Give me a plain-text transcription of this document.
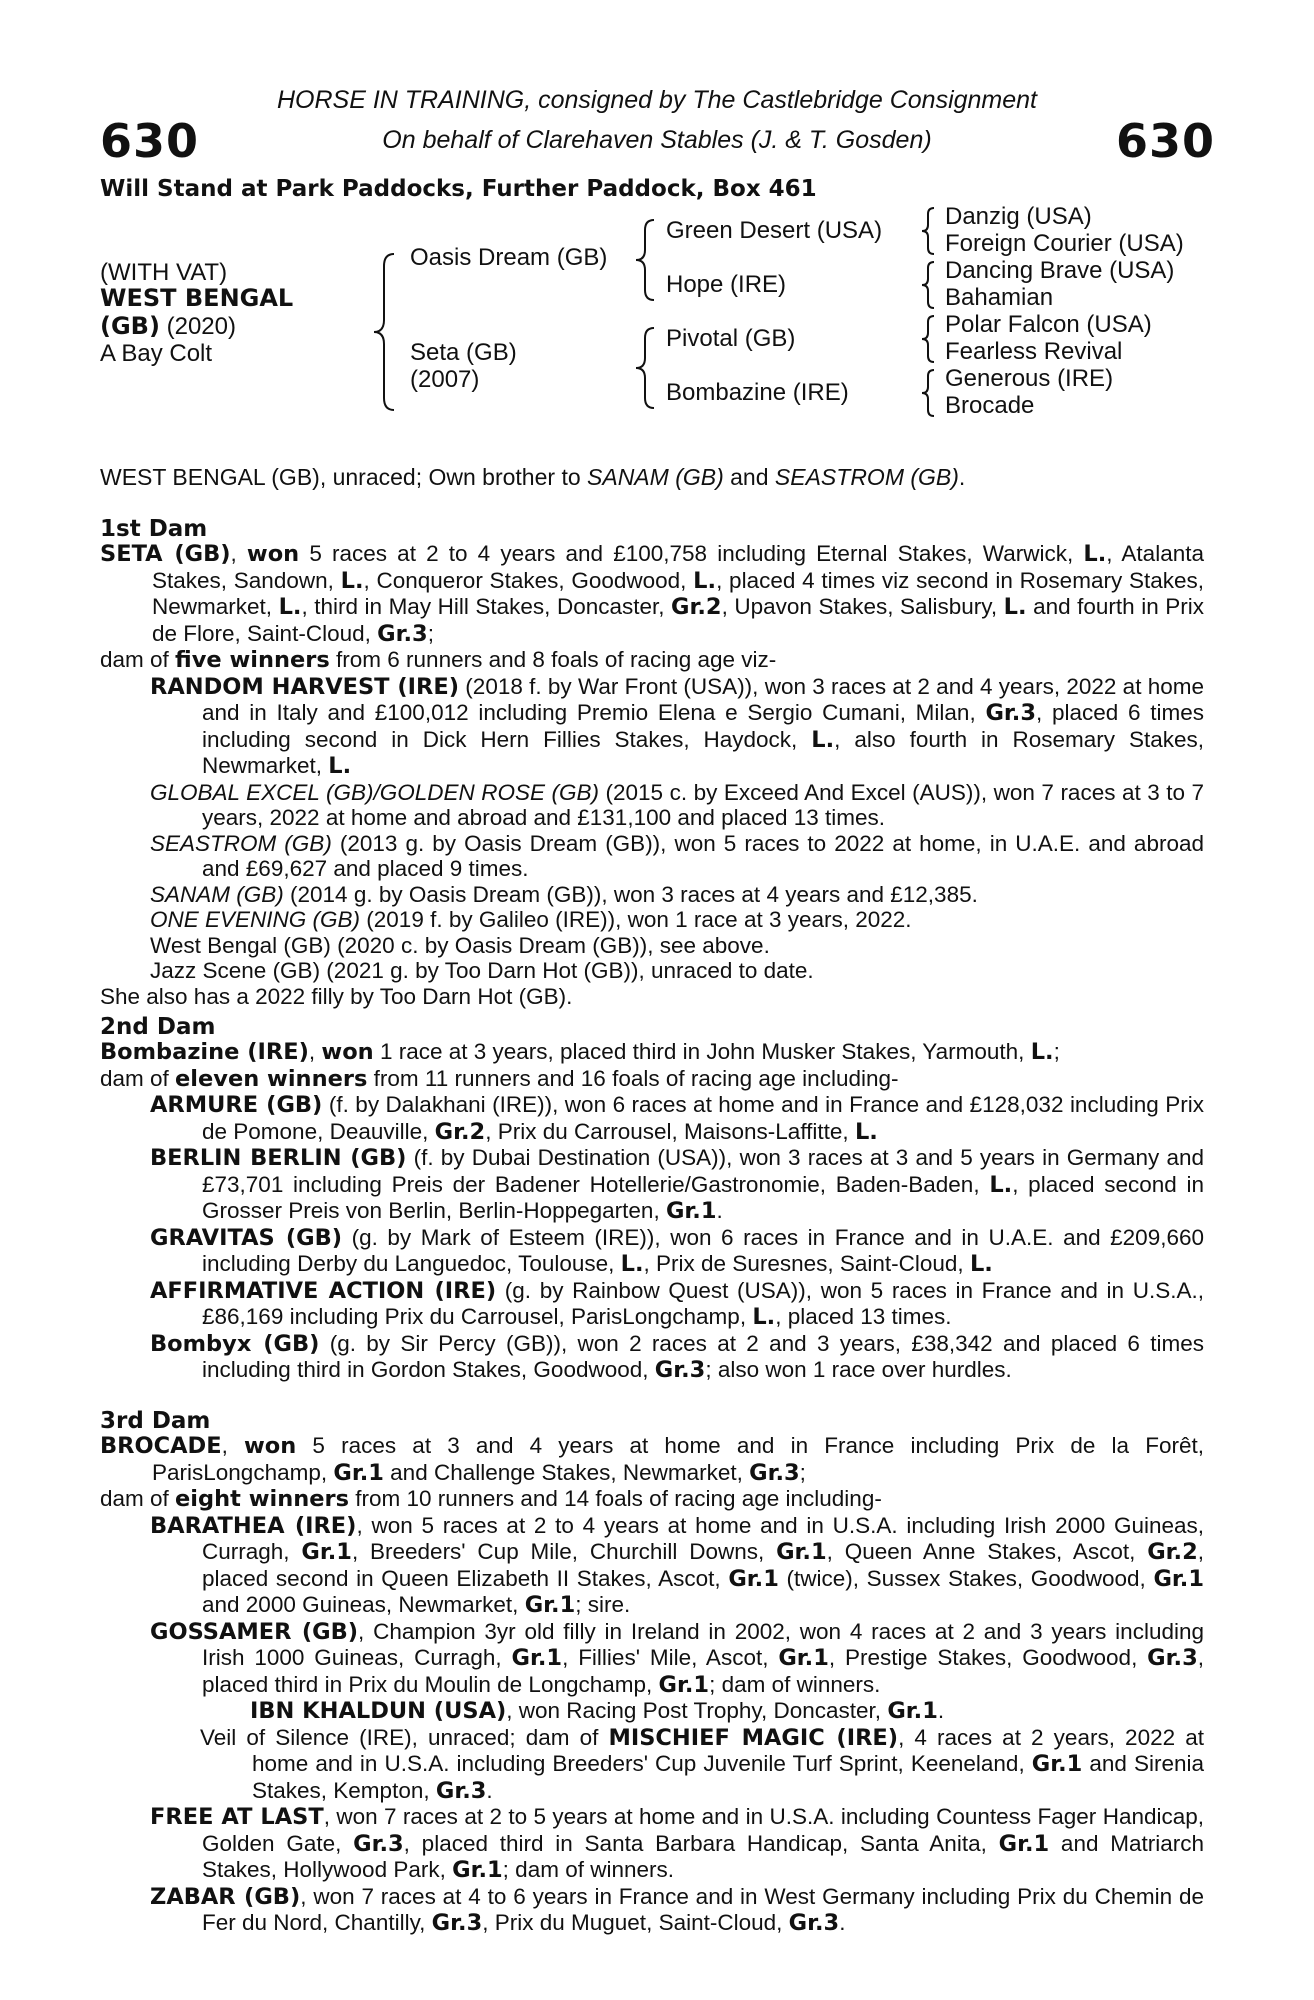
630	630
HORSE IN TRAINING, consigned by The Castlebridge Consignment
On behalf of Clarehaven Stables (J. & T. Gosden)
Will Stand at Park Paddocks, Further Paddock, Box 461
(WITH VAT)
WEST BENGAL
(GB) (2020)
A Bay Colt
Oasis Dream (GB)
Seta (GB)
(2007)
Green Desert (USA)
Hope (IRE)
Pivotal (GB)
Bombazine (IRE)
Danzig (USA)
Foreign Courier (USA)
Dancing Brave (USA)
Bahamian
Polar Falcon (USA)
Fearless Revival
Generous (IRE)
Brocade
WEST BENGAL (GB), unraced; Own brother to SANAM (GB) and SEASTROM (GB).
1st Dam

SETA (GB), won 5 races at 2 to 4 years and £100,758 including Eternal Stakes, Warwick, L., Atalanta Stakes, Sandown, L., Conqueror Stakes, Goodwood, L., placed 4 times viz second in Rosemary Stakes, Newmarket, L., third in May Hill Stakes, Doncaster, Gr.2, Upavon Stakes, Salisbury, L. and fourth in Prix de Flore, Saint-Cloud, Gr.3;

dam of five winners from 6 runners and 8 foals of racing age viz-

RANDOM HARVEST (IRE) (2018 f. by War Front (USA)), won 3 races at 2 and 4 years, 2022 at home and in Italy and £100,012 including Premio Elena e Sergio Cumani, Milan, Gr.3, placed 6 times including second in Dick Hern Fillies Stakes, Haydock, L., also fourth in Rosemary Stakes, Newmarket, L.

GLOBAL EXCEL (GB)/GOLDEN ROSE (GB) (2015 c. by Exceed And Excel (AUS)), won 7 races at 3 to 7 years, 2022 at home and abroad and £131,100 and placed 13 times.

SEASTROM (GB) (2013 g. by Oasis Dream (GB)), won 5 races to 2022 at home, in U.A.E. and abroad and £69,627 and placed 9 times.

SANAM (GB) (2014 g. by Oasis Dream (GB)), won 3 races at 4 years and £12,385.

ONE EVENING (GB) (2019 f. by Galileo (IRE)), won 1 race at 3 years, 2022.

West Bengal (GB) (2020 c. by Oasis Dream (GB)), see above.

Jazz Scene (GB) (2021 g. by Too Darn Hot (GB)), unraced to date.

She also has a 2022 filly by Too Darn Hot (GB).

2nd Dam

Bombazine (IRE), won 1 race at 3 years, placed third in John Musker Stakes, Yarmouth, L.;

dam of eleven winners from 11 runners and 16 foals of racing age including-

ARMURE (GB) (f. by Dalakhani (IRE)), won 6 races at home and in France and £128,032 including Prix de Pomone, Deauville, Gr.2, Prix du Carrousel, Maisons-Laffitte, L.

BERLIN BERLIN (GB) (f. by Dubai Destination (USA)), won 3 races at 3 and 5 years in Germany and £73,701 including Preis der Badener Hotellerie/Gastronomie, Baden-Baden, L., placed second in Grosser Preis von Berlin, Berlin-Hoppegarten, Gr.1.

GRAVITAS (GB) (g. by Mark of Esteem (IRE)), won 6 races in France and in U.A.E. and £209,660 including Derby du Languedoc, Toulouse, L., Prix de Suresnes, Saint-Cloud, L.

AFFIRMATIVE ACTION (IRE) (g. by Rainbow Quest (USA)), won 5 races in France and in U.S.A., £86,169 including Prix du Carrousel, ParisLongchamp, L., placed 13 times.

Bombyx (GB) (g. by Sir Percy (GB)), won 2 races at 2 and 3 years, £38,342 and placed 6 times including third in Gordon Stakes, Goodwood, Gr.3; also won 1 race over hurdles.

3rd Dam

BROCADE, won 5 races at 3 and 4 years at home and in France including Prix de la Forêt, ParisLongchamp, Gr.1 and Challenge Stakes, Newmarket, Gr.3;

dam of eight winners from 10 runners and 14 foals of racing age including-

BARATHEA (IRE), won 5 races at 2 to 4 years at home and in U.S.A. including Irish 2000 Guineas, Curragh, Gr.1, Breeders' Cup Mile, Churchill Downs, Gr.1, Queen Anne Stakes, Ascot, Gr.2, placed second in Queen Elizabeth II Stakes, Ascot, Gr.1 (twice), Sussex Stakes, Goodwood, Gr.1 and 2000 Guineas, Newmarket, Gr.1; sire.

GOSSAMER (GB), Champion 3yr old filly in Ireland in 2002, won 4 races at 2 and 3 years including Irish 1000 Guineas, Curragh, Gr.1, Fillies' Mile, Ascot, Gr.1, Prestige Stakes, Goodwood, Gr.3, placed third in Prix du Moulin de Longchamp, Gr.1; dam of winners.

IBN KHALDUN (USA), won Racing Post Trophy, Doncaster, Gr.1.

Veil of Silence (IRE), unraced; dam of MISCHIEF MAGIC (IRE), 4 races at 2 years, 2022 at home and in U.S.A. including Breeders' Cup Juvenile Turf Sprint, Keeneland, Gr.1 and Sirenia Stakes, Kempton, Gr.3.

FREE AT LAST, won 7 races at 2 to 5 years at home and in U.S.A. including Countess Fager Handicap, Golden Gate, Gr.3, placed third in Santa Barbara Handicap, Santa Anita, Gr.1 and Matriarch Stakes, Hollywood Park, Gr.1; dam of winners.

ZABAR (GB), won 7 races at 4 to 6 years in France and in West Germany including Prix du Chemin de Fer du Nord, Chantilly, Gr.3, Prix du Muguet, Saint-Cloud, Gr.3.
